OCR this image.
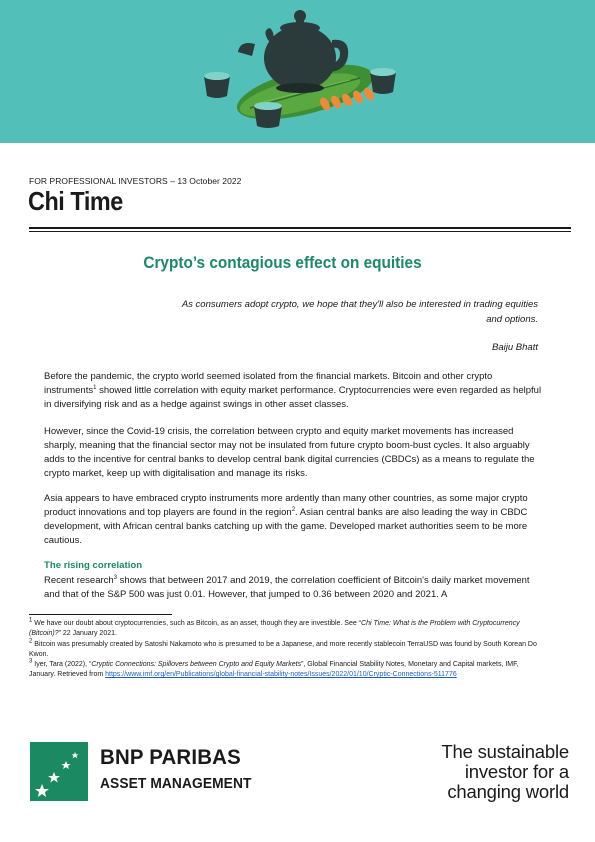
FOR PROFESSIONAL INVESTORS – 13 October 2022
Chi Time
Crypto’s contagious effect on equities
As consumers adopt crypto, we hope that they'll also be interested in trading equities and options.
Baiju Bhatt

Before the pandemic, the crypto world seemed isolated from the financial markets. Bitcoin and other crypto instruments$^1$ showed little correlation with equity market performance. Cryptocurrencies were even regarded as helpful in diversifying risk and as a hedge against swings in other asset classes.

However, since the Covid-19 crisis, the correlation between crypto and equity market movements has increased sharply, meaning that the financial sector may not be insulated from future crypto boom-bust cycles. It also arguably adds to the incentive for central banks to develop central bank digital currencies (CBDCs) as a means to regulate the crypto market, keep up with digitalisation and manage its risks.

Asia appears to have embraced crypto instruments more ardently than many other countries, as some major crypto product innovations and top players are found in the region$^2$. Asian central banks are also leading the way in CBDC development, with African central banks catching up with the game. Developed market authorities seem to be more cautious.

The rising correlation

Recent research$^3$ shows that between 2017 and 2019, the correlation coefficient of Bitcoin's daily market movement and that of the S&P 500 was just 0.01. However, that jumped to 0.36 between 2020 and 2021. A

$^1$ We have our doubt about cryptocurrencies, such as Bitcoin, as an asset, though they are investible. See “Chi Time: What is the Problem with Cryptocurrency (Bitcoin)?” 22 January 2021.

$^2$ Bitcoin was presumably created by Satoshi Nakamoto who is presumed to be a Japanese, and more recently stablecoin TerraUSD was found by South Korean Do Kwon.

$^3$ Iyer, Tara (2022), “Cryptic Connections: Spillovers between Crypto and Equity Markets”, Global Financial Stability Notes, Monetary and Capital markets, IMF, January. Retrieved from https://www.imf.org/en/Publications/global-financial-stability-notes/Issues/2022/01/10/Cryptic-Connections-511776

BNP PARIBAS
ASSET MANAGEMENT
The sustainable
investor for a
changing world
